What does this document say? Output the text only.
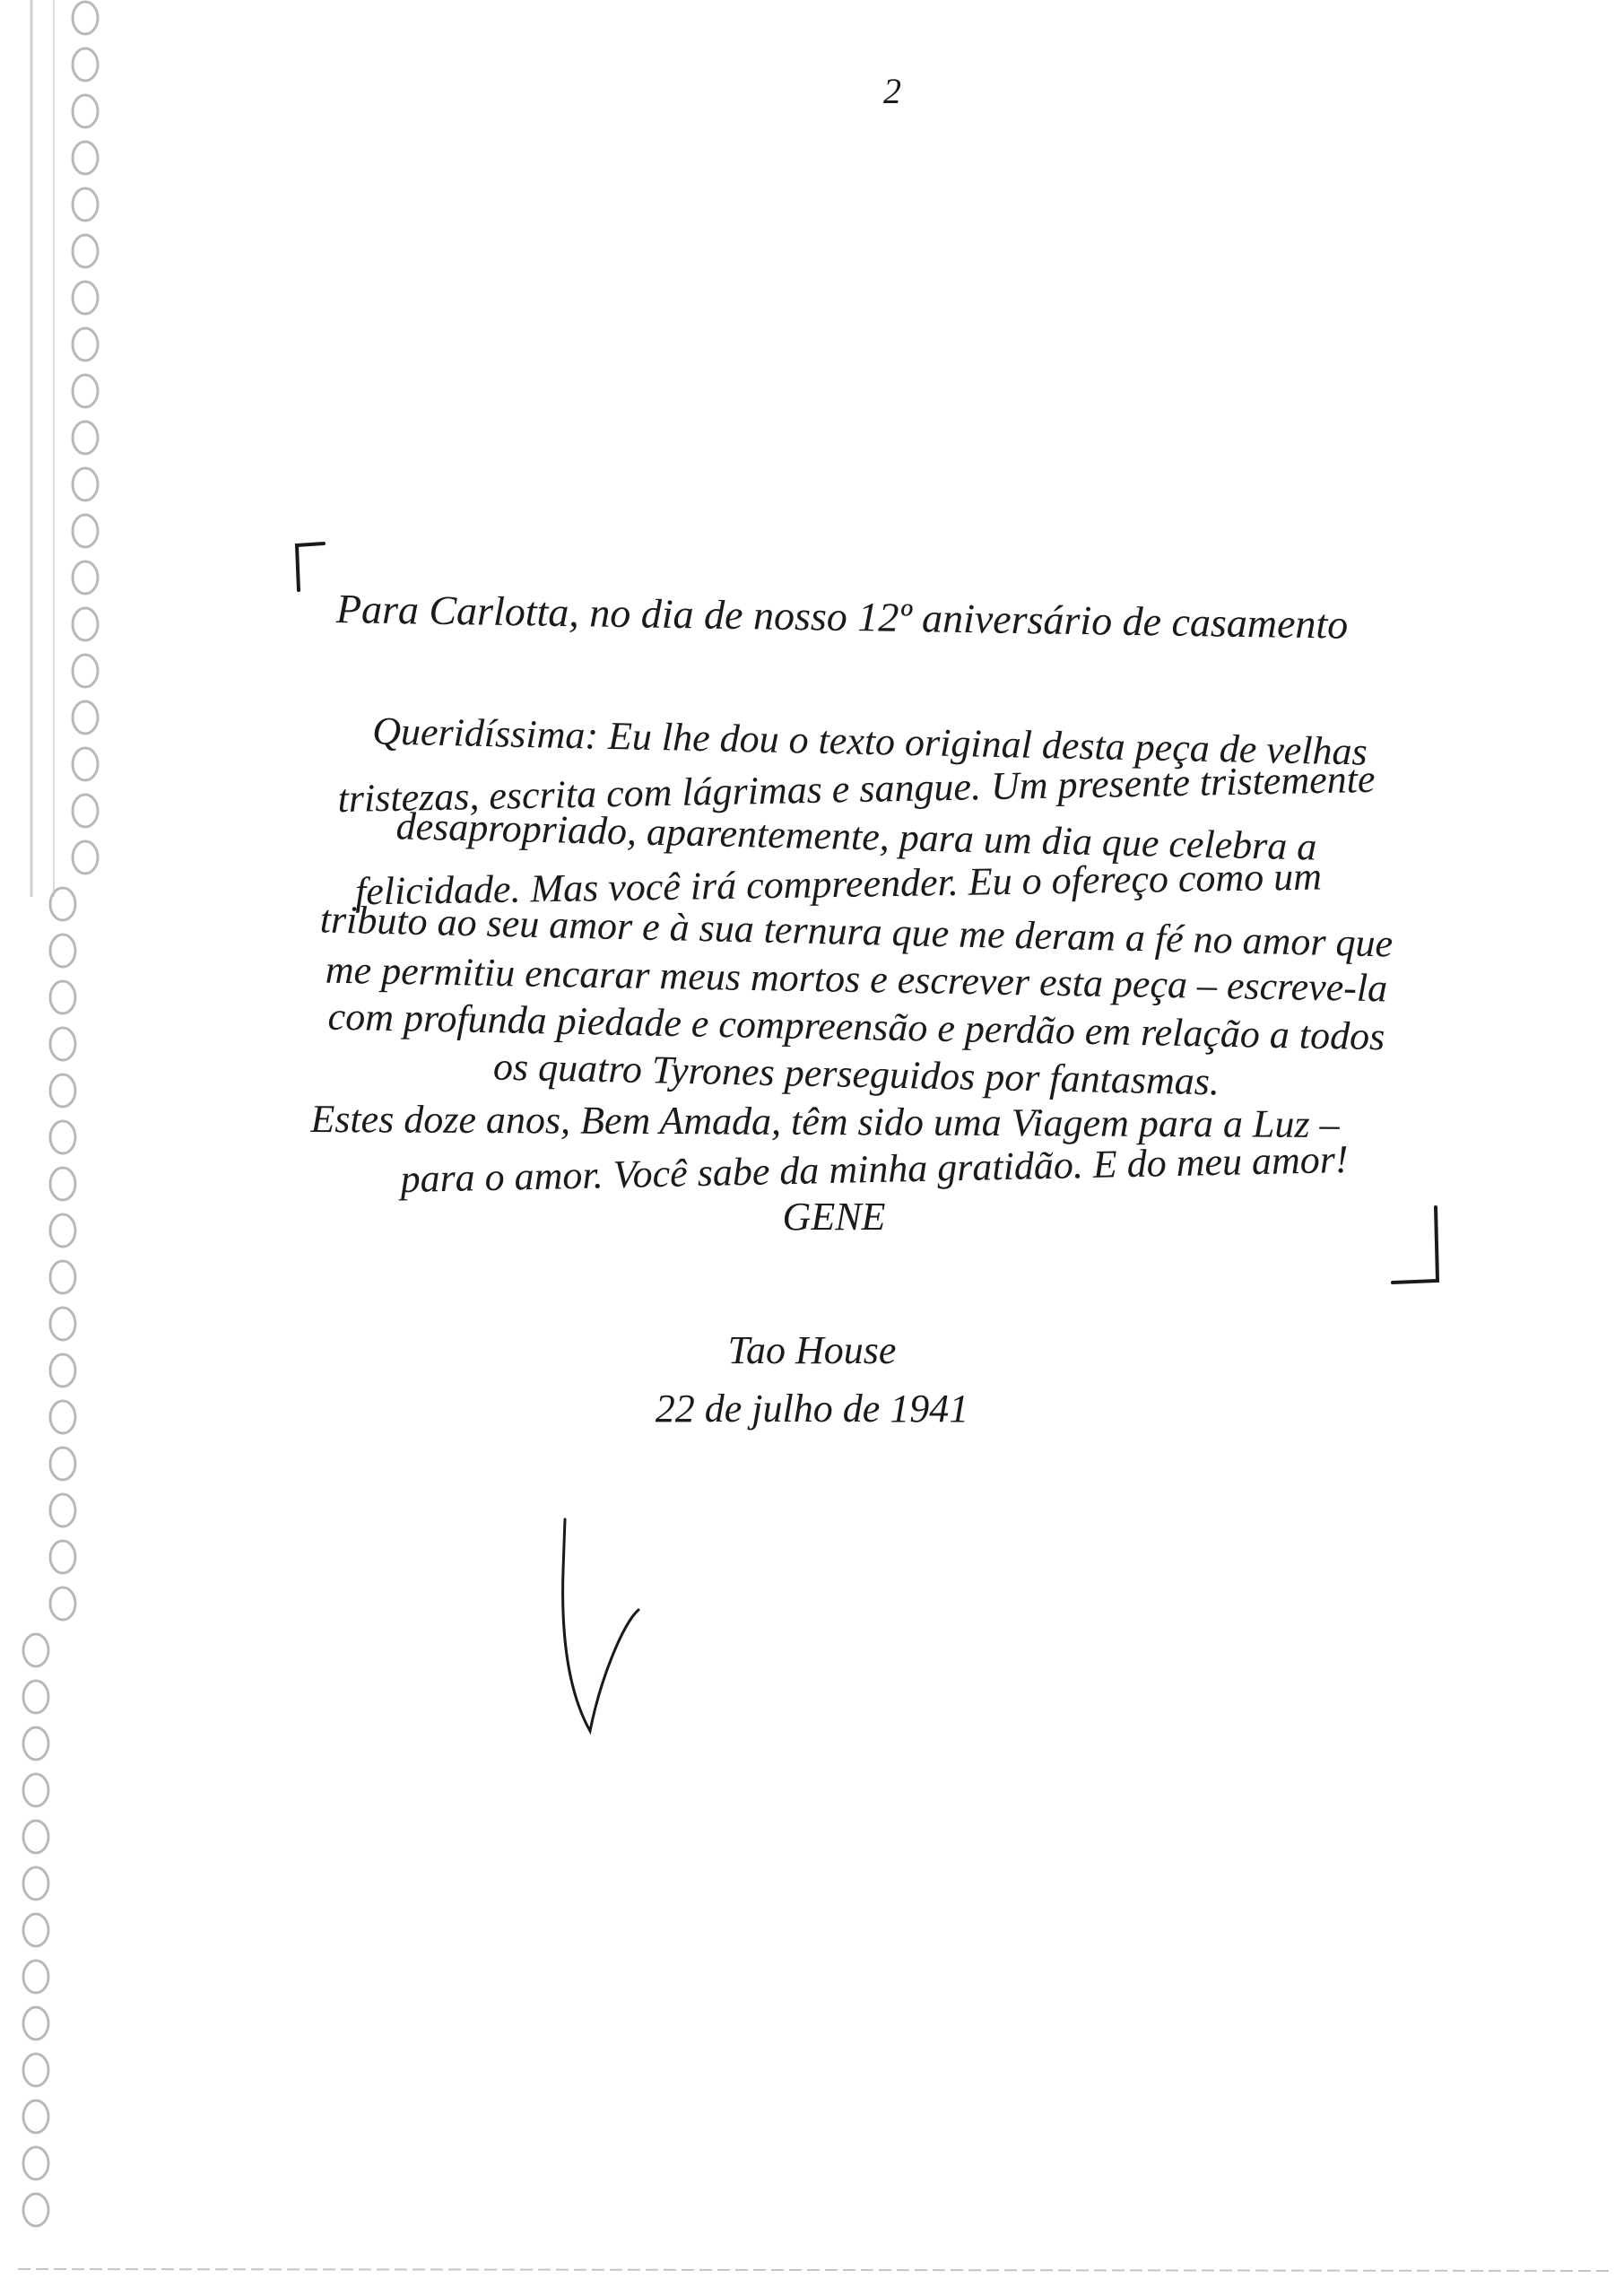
2
Para Carlotta, no dia de nosso 12º aniversário de casamento
Queridíssima: Eu lhe dou o texto original desta peça de velhas
tristezas, escrita com lágrimas e sangue. Um presente tristemente
desapropriado, aparentemente, para um dia que celebra a
felicidade. Mas você irá compreender. Eu o ofereço como um
tributo ao seu amor e à sua ternura que me deram a fé no amor que
me permitiu encarar meus mortos e escrever esta peça – escreve-la
com profunda piedade e compreensão e perdão em relação a todos
os quatro Tyrones perseguidos por fantasmas.
Estes doze anos, Bem Amada, têm sido uma Viagem para a Luz –
para o amor. Você sabe da minha gratidão. E do meu amor!
GENE
Tao House
22 de julho de 1941
